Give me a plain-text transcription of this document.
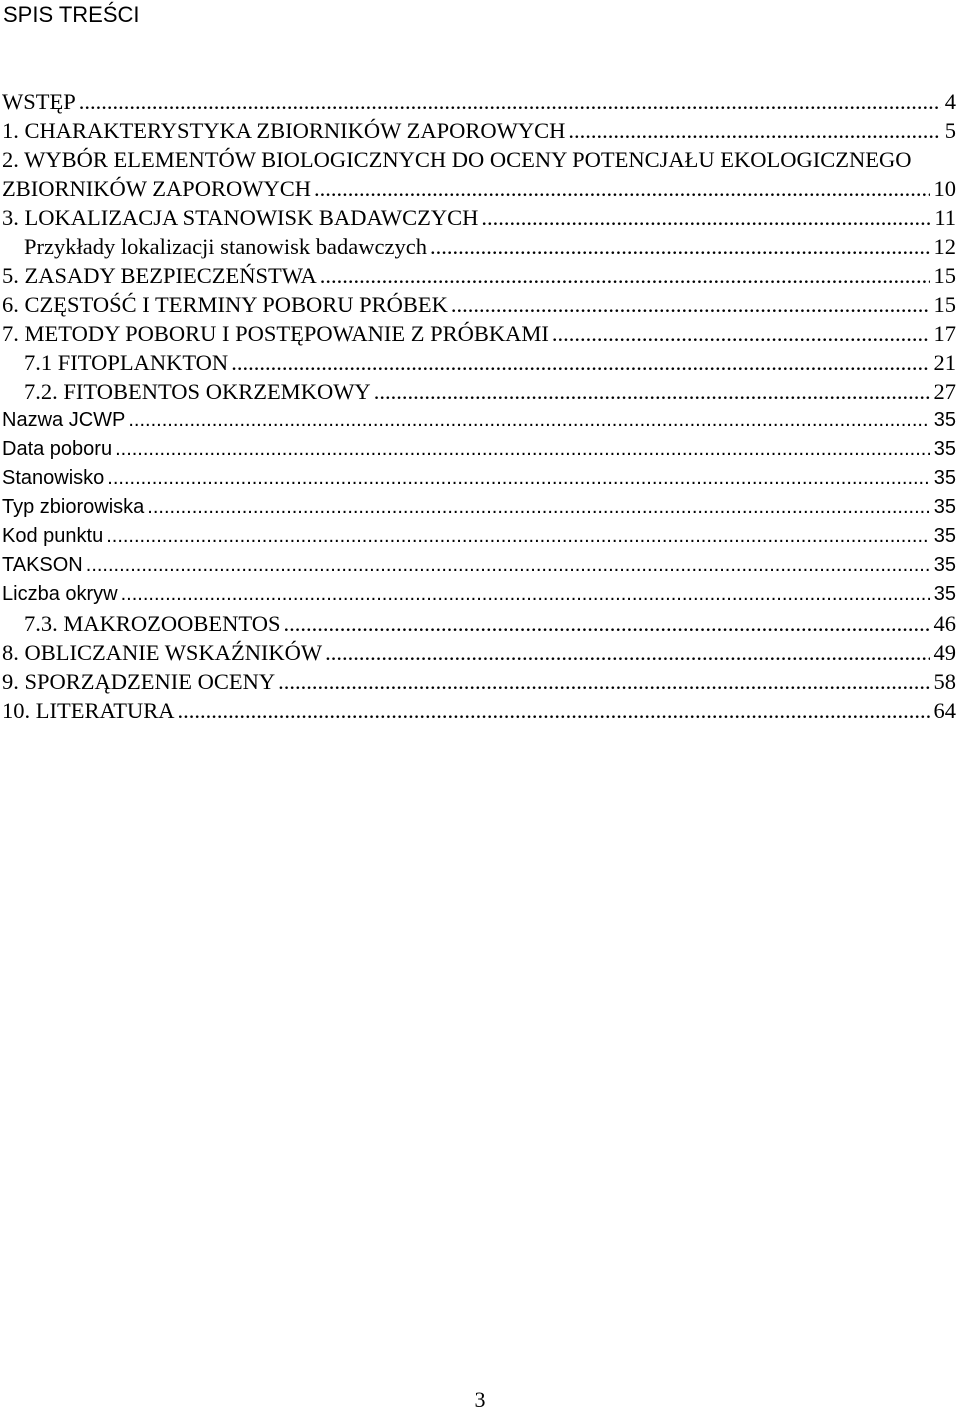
SPIS TREŚCI
WSTĘP .....	4
1. CHARAKTERYSTYKA ZBIORNIKÓW ZAPOROWYCH .....	5
2. WYBÓR ELEMENTÓW BIOLOGICZNYCH DO OCENY POTENCJAŁU EKOLOGICZNEGO
ZBIORNIKÓW ZAPOROWYCH .....	10
3. LOKALIZACJA STANOWISK BADAWCZYCH .....	11
Przykłady lokalizacji stanowisk badawczych .....	12
5. ZASADY BEZPIECZEŃSTWA .....	15
6. CZĘSTOŚĆ I TERMINY POBORU PRÓBEK .....	15
7. METODY POBORU I POSTĘPOWANIE Z PRÓBKAMI .....	17
7.1 FITOPLANKTON .....	21
7.2. FITOBENTOS OKRZEMKOWY .....	27
Nazwa JCWP .....	35
Data poboru .....	35
Stanowisko .....	35
Typ zbiorowiska .....	35
Kod punktu .....	35
TAKSON .....	35
Liczba okryw .....	35
7.3. MAKROZOOBENTOS .....	46
8. OBLICZANIE WSKAŹNIKÓW .....	49
9. SPORZĄDZENIE OCENY .....	58
10. LITERATURA .....	64
3
